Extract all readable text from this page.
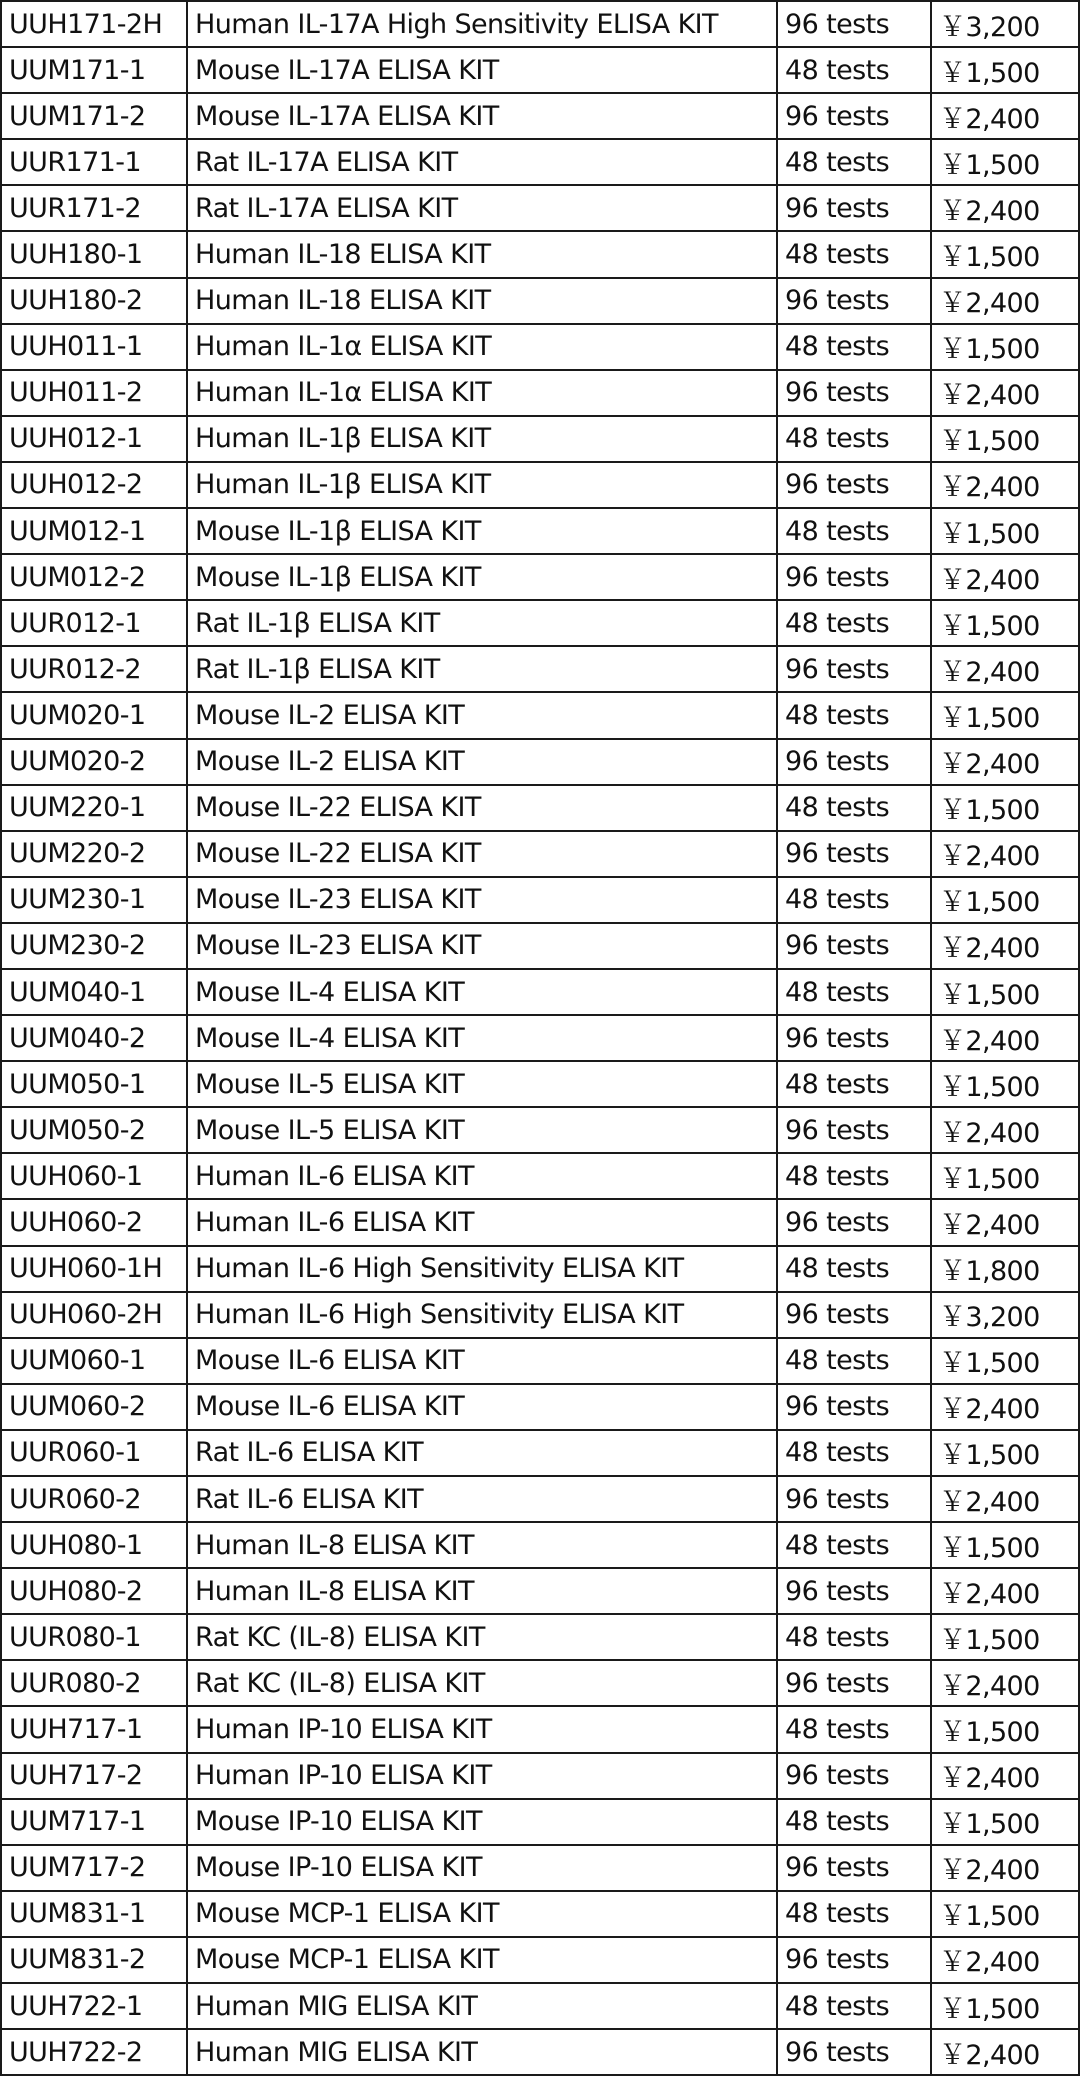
UUH171-2H	Human IL-17A High Sensitivity ELISA KIT	96 tests	￥3,200
UUM171-1	Mouse IL-17A ELISA KIT	48 tests	￥1,500
UUM171-2	Mouse IL-17A ELISA KIT	96 tests	￥2,400
UUR171-1	Rat IL-17A ELISA KIT	48 tests	￥1,500
UUR171-2	Rat IL-17A ELISA KIT	96 tests	￥2,400
UUH180-1	Human IL-18 ELISA KIT	48 tests	￥1,500
UUH180-2	Human IL-18 ELISA KIT	96 tests	￥2,400
UUH011-1	Human IL-1α ELISA KIT	48 tests	￥1,500
UUH011-2	Human IL-1α ELISA KIT	96 tests	￥2,400
UUH012-1	Human IL-1β ELISA KIT	48 tests	￥1,500
UUH012-2	Human IL-1β ELISA KIT	96 tests	￥2,400
UUM012-1	Mouse IL-1β ELISA KIT	48 tests	￥1,500
UUM012-2	Mouse IL-1β ELISA KIT	96 tests	￥2,400
UUR012-1	Rat IL-1β ELISA KIT	48 tests	￥1,500
UUR012-2	Rat IL-1β ELISA KIT	96 tests	￥2,400
UUM020-1	Mouse IL-2 ELISA KIT	48 tests	￥1,500
UUM020-2	Mouse IL-2 ELISA KIT	96 tests	￥2,400
UUM220-1	Mouse IL-22 ELISA KIT	48 tests	￥1,500
UUM220-2	Mouse IL-22 ELISA KIT	96 tests	￥2,400
UUM230-1	Mouse IL-23 ELISA KIT	48 tests	￥1,500
UUM230-2	Mouse IL-23 ELISA KIT	96 tests	￥2,400
UUM040-1	Mouse IL-4 ELISA KIT	48 tests	￥1,500
UUM040-2	Mouse IL-4 ELISA KIT	96 tests	￥2,400
UUM050-1	Mouse IL-5 ELISA KIT	48 tests	￥1,500
UUM050-2	Mouse IL-5 ELISA KIT	96 tests	￥2,400
UUH060-1	Human IL-6 ELISA KIT	48 tests	￥1,500
UUH060-2	Human IL-6 ELISA KIT	96 tests	￥2,400
UUH060-1H	Human IL-6 High Sensitivity ELISA KIT	48 tests	￥1,800
UUH060-2H	Human IL-6 High Sensitivity ELISA KIT	96 tests	￥3,200
UUM060-1	Mouse IL-6 ELISA KIT	48 tests	￥1,500
UUM060-2	Mouse IL-6 ELISA KIT	96 tests	￥2,400
UUR060-1	Rat IL-6 ELISA KIT	48 tests	￥1,500
UUR060-2	Rat IL-6 ELISA KIT	96 tests	￥2,400
UUH080-1	Human IL-8 ELISA KIT	48 tests	￥1,500
UUH080-2	Human IL-8 ELISA KIT	96 tests	￥2,400
UUR080-1	Rat KC (IL-8) ELISA KIT	48 tests	￥1,500
UUR080-2	Rat KC (IL-8) ELISA KIT	96 tests	￥2,400
UUH717-1	Human IP-10 ELISA KIT	48 tests	￥1,500
UUH717-2	Human IP-10 ELISA KIT	96 tests	￥2,400
UUM717-1	Mouse IP-10 ELISA KIT	48 tests	￥1,500
UUM717-2	Mouse IP-10 ELISA KIT	96 tests	￥2,400
UUM831-1	Mouse MCP-1 ELISA KIT	48 tests	￥1,500
UUM831-2	Mouse MCP-1 ELISA KIT	96 tests	￥2,400
UUH722-1	Human MIG ELISA KIT	48 tests	￥1,500
UUH722-2	Human MIG ELISA KIT	96 tests	￥2,400
